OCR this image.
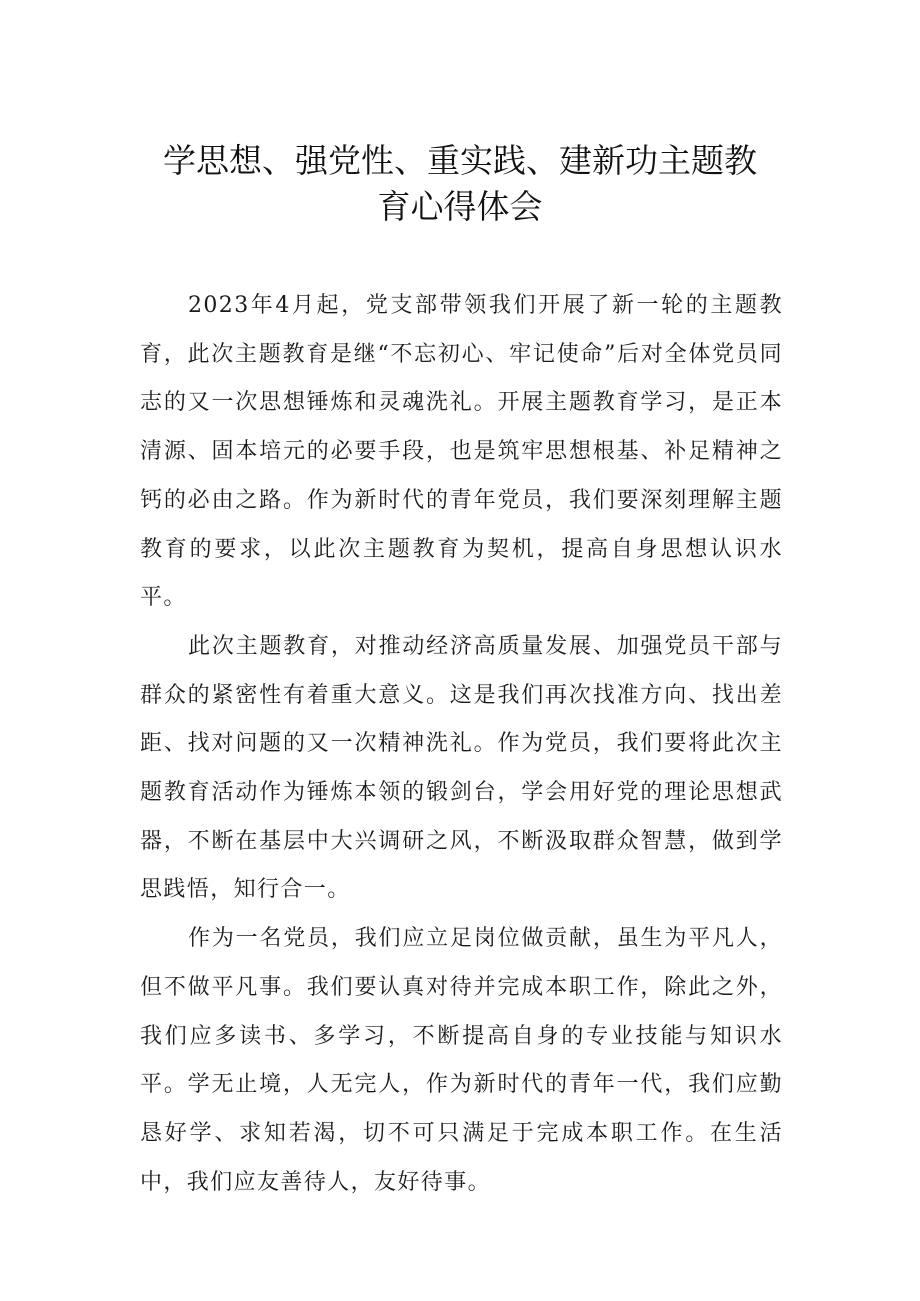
学思想、强党性、重实践、建新功主题教
育心得体会

2023年4月起，党支部带领我们开展了新一轮的主题教育，此次主题教育是继“不忘初心、牢记使命”后对全体党员同志的又一次思想锤炼和灵魂洗礼。开展主题教育学习，是正本清源、固本培元的必要手段，也是筑牢思想根基、补足精神之钙的必由之路。作为新时代的青年党员，我们要深刻理解主题教育的要求，以此次主题教育为契机，提高自身思想认识水平。

此次主题教育，对推动经济高质量发展、加强党员干部与群众的紧密性有着重大意义。这是我们再次找准方向、找出差距、找对问题的又一次精神洗礼。作为党员，我们要将此次主题教育活动作为锤炼本领的锻剑台，学会用好党的理论思想武器，不断在基层中大兴调研之风，不断汲取群众智慧，做到学思践悟，知行合一。

作为一名党员，我们应立足岗位做贡献，虽生为平凡人，但不做平凡事。我们要认真对待并完成本职工作，除此之外，我们应多读书、多学习，不断提高自身的专业技能与知识水平。学无止境，人无完人，作为新时代的青年一代，我们应勤恳好学、求知若渴，切不可只满足于完成本职工作。在生活中，我们应友善待人，友好待事。
